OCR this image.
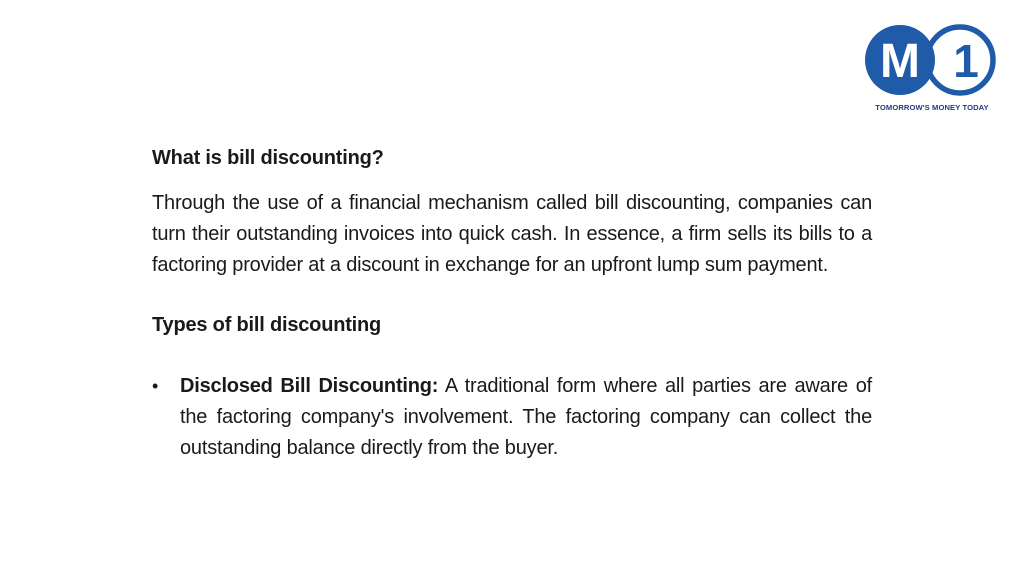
M 1
TOMORROW'S MONEY TODAY

What is bill discounting?

Through the use of a financial mechanism called bill discounting, companies can turn their outstanding invoices into quick cash. In essence, a firm sells its bills to a factoring provider at a discount in exchange for an upfront lump sum payment.

Types of bill discounting

• Disclosed Bill Discounting: A traditional form where all parties are aware of the factoring company's involvement. The factoring company can collect the outstanding balance directly from the buyer.
